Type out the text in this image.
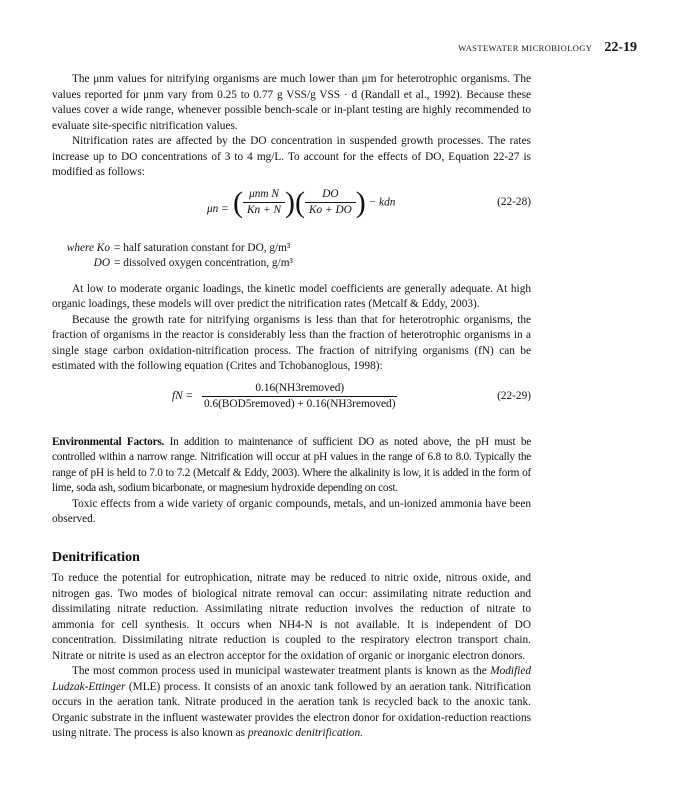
WASTEWATER MICROBIOLOGY 22-19

The μnm values for nitrifying organisms are much lower than μm for heterotrophic organisms. The values reported for μnm vary from 0.25 to 0.77 g VSS/g VSS · d (Randall et al., 1992). Because these values cover a wide range, whenever possible bench-scale or in-plant testing are highly recommended to evaluate site-specific nitrification values.

Nitrification rates are affected by the DO concentration in suspended growth processes. The rates increase up to DO concentrations of 3 to 4 mg/L. To account for the effects of DO, Equation 22-27 is modified as follows:

μn = ( $\frac{\text{μnm N}}{Kn + N}$ )( $\frac{DO}{Ko + DO}$ ) − kdn	(22-28)
where Ko = half saturation constant for DO, g/m³
DO = dissolved oxygen concentration, g/m³

At low to moderate organic loadings, the kinetic model coefficients are generally adequate. At high organic loadings, these models will over predict the nitrification rates (Metcalf & Eddy, 2003).

Because the growth rate for nitrifying organisms is less than that for heterotrophic organisms, the fraction of organisms in the reactor is considerably less than the fraction of heterotrophic organisms in a single stage carbon oxidation-nitrification process. The fraction of nitrifying organisms (fN) can be estimated with the following equation (Crites and Tchobanoglous, 1998):

fN = $\frac{\text{0.16(NH3removed)}}{\text{0.6(BOD5removed) + 0.16(NH3removed)}}$	(22-29)

Environmental Factors. In addition to maintenance of sufficient DO as noted above, the pH must be controlled within a narrow range. Nitrification will occur at pH values in the range of 6.8 to 8.0. Typically the range of pH is held to 7.0 to 7.2 (Metcalf & Eddy, 2003). Where the alkalinity is low, it is added in the form of lime, soda ash, sodium bicarbonate, or magnesium hydroxide depending on cost.

Toxic effects from a wide variety of organic compounds, metals, and un-ionized ammonia have been observed.

Denitrification

To reduce the potential for eutrophication, nitrate may be reduced to nitric oxide, nitrous oxide, and nitrogen gas. Two modes of biological nitrate removal can occur: assimilating nitrate reduction and dissimilating nitrate reduction. Assimilating nitrate reduction involves the reduction of nitrate to ammonia for cell synthesis. It occurs when NH4-N is not available. It is independent of DO concentration. Dissimilating nitrate reduction is coupled to the respiratory electron transport chain. Nitrate or nitrite is used as an electron acceptor for the oxidation of organic or inorganic electron donors.

The most common process used in municipal wastewater treatment plants is known as the Modified Ludzak-Ettinger (MLE) process. It consists of an anoxic tank followed by an aeration tank. Nitrification occurs in the aeration tank. Nitrate produced in the aeration tank is recycled back to the anoxic tank. Organic substrate in the influent wastewater provides the electron donor for oxidation-reduction reactions using nitrate. The process is also known as preanoxic denitrification.
